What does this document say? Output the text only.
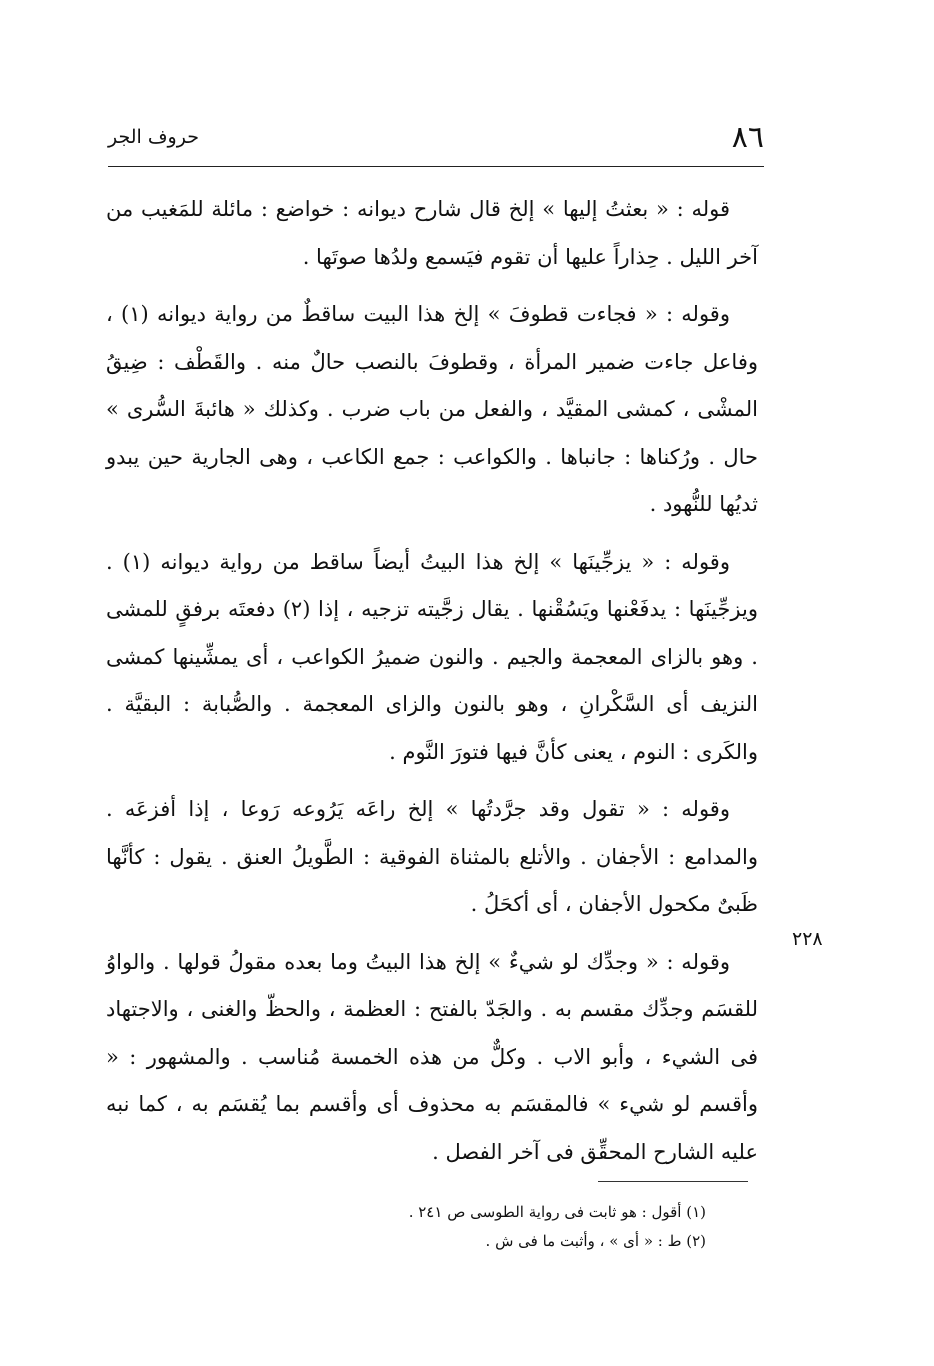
٨٦
حروف الجر

قوله : « بعثتُ إليها » إلخ قال شارح ديوانه : خواضع : مائلة للمَغيب من آخر الليل . حِذاراً عليها أن تقوم فيَسمع ولدُها صوتَها .

وقوله : « فجاءت قطوفَ » إلخ هذا البيت ساقطٌ من رواية ديوانه (١) ، وفاعل جاءت ضمير المرأة ، وقطوفَ بالنصب حالٌ منه . والقَطْف : ضِيقُ المشْى ، كمشى المقيَّد ، والفعل من باب ضرب . وكذلك « هائبةَ السُّرى » حال . ورُكناها : جانباها . والكواعب : جمع الكاعب ، وهى الجارية حين يبدو ثديُها للنُّهود .

وقوله : « يزجِّينَها » إلخ هذا البيتُ أيضاً ساقط من رواية ديوانه (١) . ويزجِّينَها : يدفَعْنها ويَسُقْنها . يقال زجَّيته تزجيه ، إذا (٢) دفعتَه برفقٍ للمشى . وهو بالزاى المعجمة والجيم . والنون ضميرُ الكواعب ، أى يمشِّينها كمشى النزيف أى السَّكْرانِ ، وهو بالنون والزاى المعجمة . والصُّبابة : البقيَّة . والكَرى : النوم ، يعنى كأنَّ فيها فتورَ النَّوم .

وقوله : « تقول وقد جرَّدتُها » إلخ راعَه يَرُوعه رَوعا ، إذا أفزعَه . والمدامع : الأجفان . والأتلع بالمثناة الفوقية : الطَّويلُ العنق . يقول : كأنَّها ظَبىٌ مكحول الأجفان ، أى أكحَلُ .

وقوله : « وجدِّك لو شيءٌ » إلخ هذا البيتُ وما بعده مقولُ قولها . والواوُ للقسَم وجدِّك مقسم به . والجَدّ بالفتح : العظمة ، والحظّ والغنى ، والاجتهاد فى الشيء ، وأبو الاب . وكلٌّ من هذه الخمسة مُناسب . والمشهور : « وأقسم لو شيء » فالمقسَم به محذوف أى وأقسم بما يُقسَم به ، كما نبه عليه الشارح المحقِّق فى آخر الفصل .

٢٢٨

(١) أقول : هو ثابت فى رواية الطوسى ص ٢٤١ .

(٢) ط : « أى » ، وأثبت ما فى ش .
